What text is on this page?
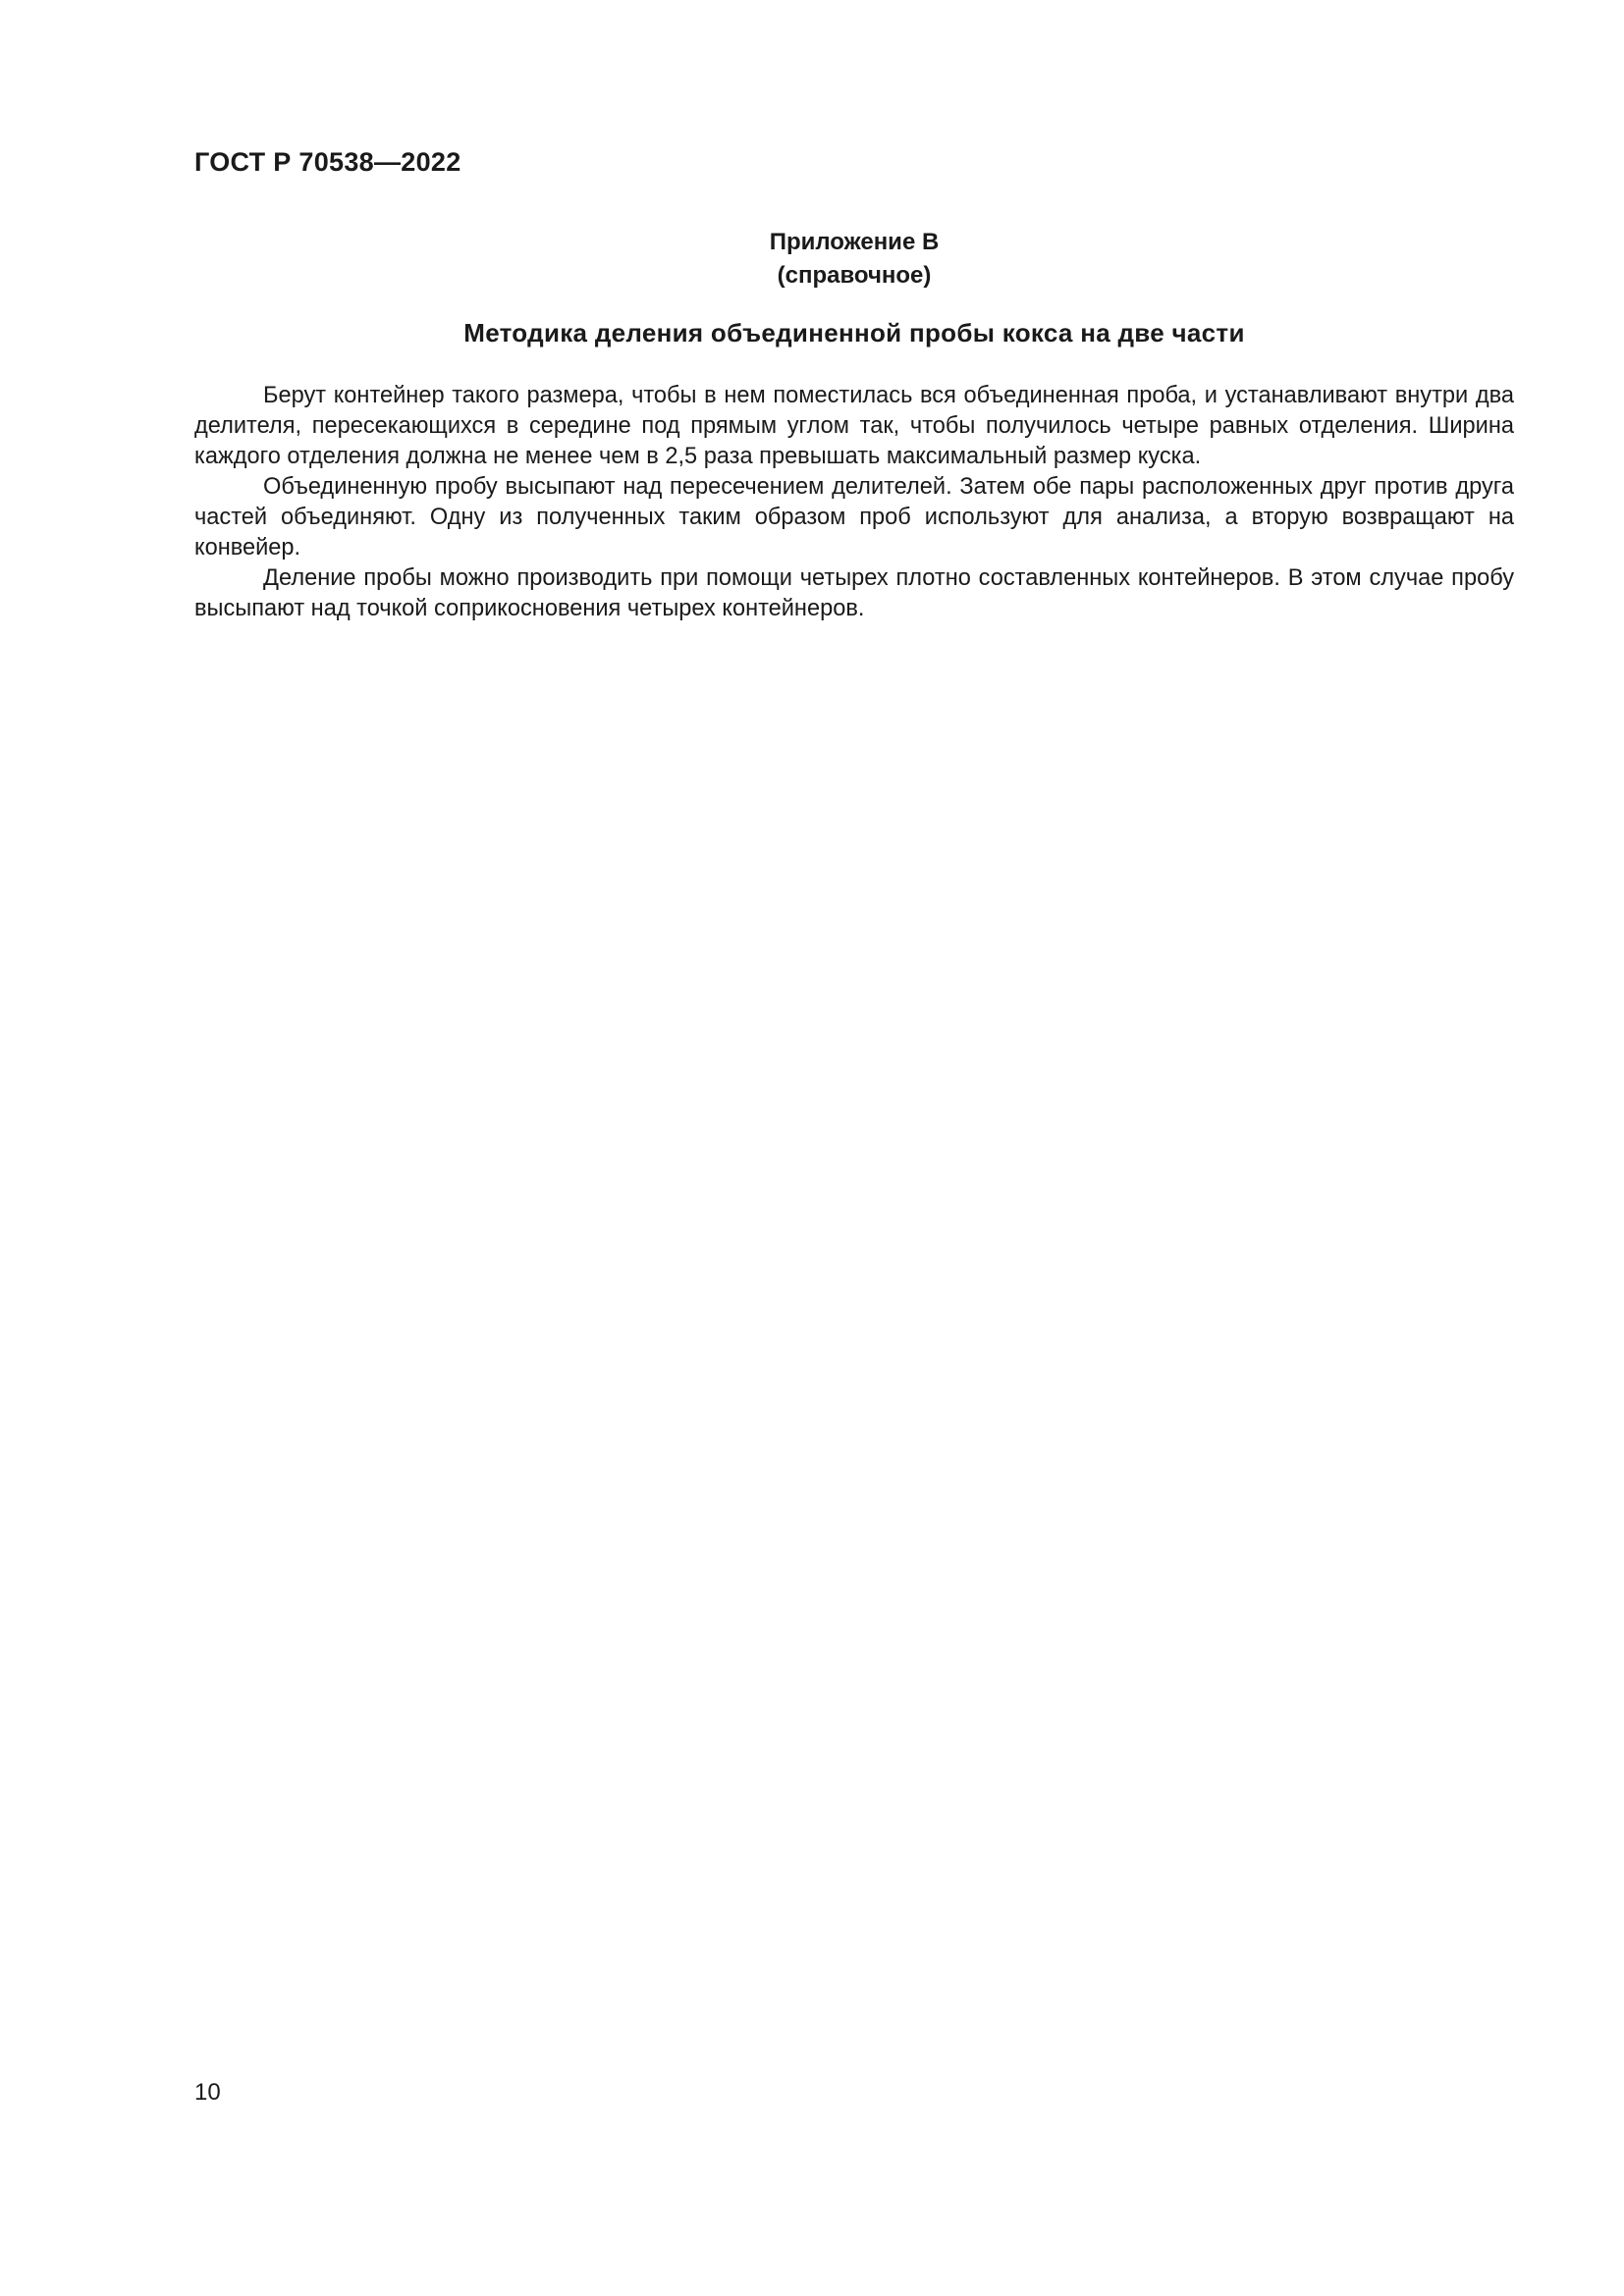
ГОСТ Р 70538—2022
Приложение В
(справочное)
Методика деления объединенной пробы кокса на две части

Берут контейнер такого размера, чтобы в нем поместилась вся объединенная проба, и устанавливают внутри два делителя, пересекающихся в середине под прямым углом так, чтобы получилось четыре равных отделения. Ширина каждого отделения должна не менее чем в 2,5 раза превышать максимальный размер куска.

Объединенную пробу высыпают над пересечением делителей. Затем обе пары расположенных друг против друга частей объединяют. Одну из полученных таким образом проб используют для анализа, а вторую возвращают на конвейер.

Деление пробы можно производить при помощи четырех плотно составленных контейнеров. В этом случае пробу высыпают над точкой соприкосновения четырех контейнеров.

10
